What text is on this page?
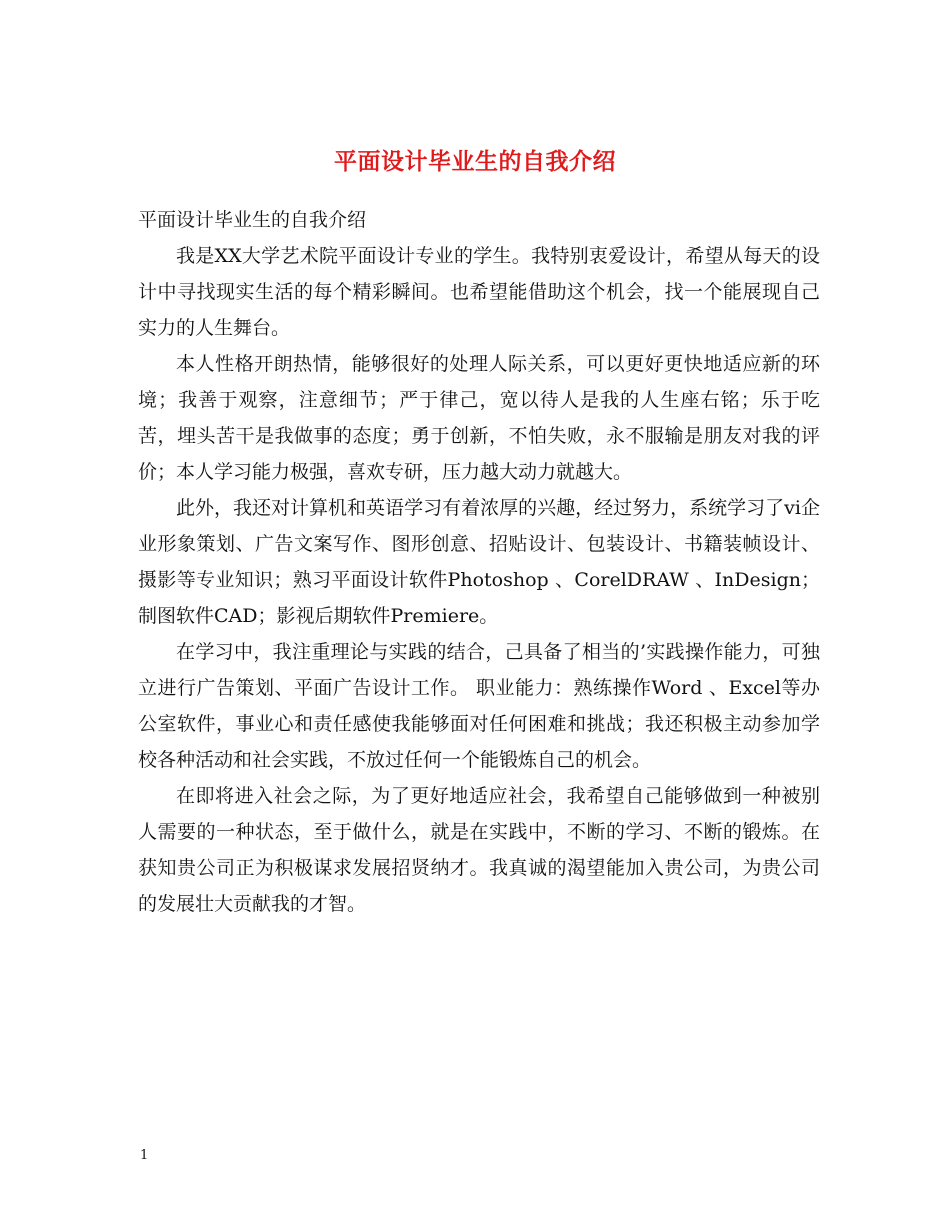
平面设计毕业生的自我介绍

平面设计毕业生的自我介绍

我是XX大学艺术院平面设计专业的学生。我特别衷爱设计，希望从每天的设计中寻找现实生活的每个精彩瞬间。也希望能借助这个机会，找一个能展现自己实力的人生舞台。

本人性格开朗热情，能够很好的处理人际关系，可以更好更快地适应新的环境；我善于观察，注意细节；严于律己，宽以待人是我的人生座右铭；乐于吃苦，埋头苦干是我做事的态度；勇于创新，不怕失败，永不服输是朋友对我的评价；本人学习能力极强，喜欢专研，压力越大动力就越大。

此外，我还对计算机和英语学习有着浓厚的兴趣，经过努力，系统学习了vi企业形象策划、广告文案写作、图形创意、招贴设计、包装设计、书籍装帧设计、摄影等专业知识；熟习平面设计软件Photoshop 、CorelDRAW 、InDesign；制图软件CAD；影视后期软件Premiere。

在学习中，我注重理论与实践的结合，己具备了相当的’实践操作能力，可独立进行广告策划、平面广告设计工作。 职业能力：熟练操作Word 、Excel等办公室软件，事业心和责任感使我能够面对任何困难和挑战；我还积极主动参加学校各种活动和社会实践，不放过任何一个能锻炼自己的机会。

在即将进入社会之际，为了更好地适应社会，我希望自己能够做到一种被别人需要的一种状态，至于做什么，就是在实践中，不断的学习、不断的锻炼。在获知贵公司正为积极谋求发展招贤纳才。我真诚的渴望能加入贵公司，为贵公司的发展壮大贡献我的才智。

1
